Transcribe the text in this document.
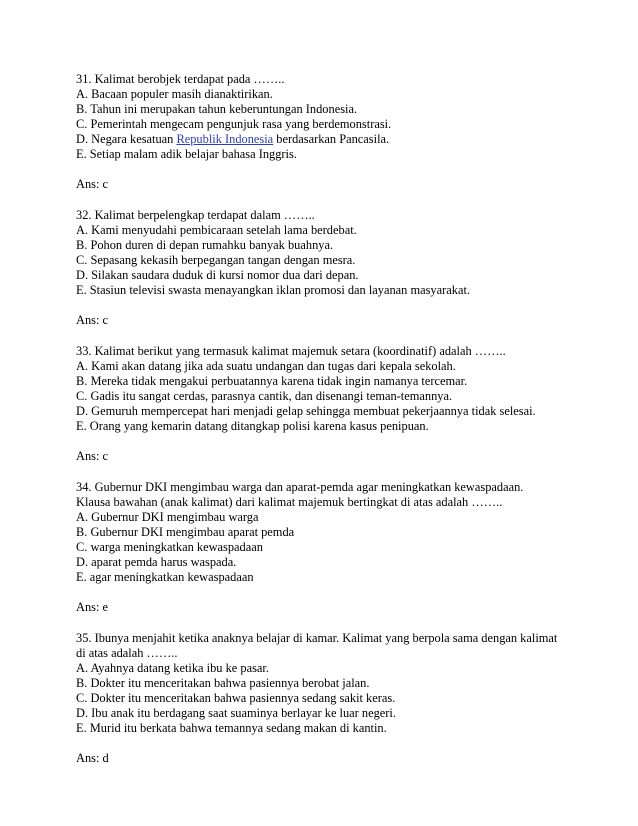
31. Kalimat berobjek terdapat pada ……..
A. Bacaan populer masih dianaktirikan.
B. Tahun ini merupakan tahun keberuntungan Indonesia.
C. Pemerintah mengecam pengunjuk rasa yang berdemonstrasi.
D. Negara kesatuan Republik Indonesia berdasarkan Pancasila.
E. Setiap malam adik belajar bahasa Inggris.
Ans: c
32. Kalimat berpelengkap terdapat dalam ……..
A. Kami menyudahi pembicaraan setelah lama berdebat.
B. Pohon duren di depan rumahku banyak buahnya.
C. Sepasang kekasih berpegangan tangan dengan mesra.
D. Silakan saudara duduk di kursi nomor dua dari depan.
E. Stasiun televisi swasta menayangkan iklan promosi dan layanan masyarakat.
Ans: c
33. Kalimat berikut yang termasuk kalimat majemuk setara (koordinatif) adalah ……..
A. Kami akan datang jika ada suatu undangan dan tugas dari kepala sekolah.
B. Mereka tidak mengakui perbuatannya karena tidak ingin namanya tercemar.
C. Gadis itu sangat cerdas, parasnya cantik, dan disenangi teman-temannya.
D. Gemuruh mempercepat hari menjadi gelap sehingga membuat pekerjaannya tidak selesai.
E. Orang yang kemarin datang ditangkap polisi karena kasus penipuan.
Ans: c
34. Gubernur DKI mengimbau warga dan aparat-pemda agar meningkatkan kewaspadaan.
Klausa bawahan (anak kalimat) dari kalimat majemuk bertingkat di atas adalah ……..
A. Gubernur DKI mengimbau warga
B. Gubernur DKI mengimbau aparat pemda
C. warga meningkatkan kewaspadaan
D. aparat pemda harus waspada.
E. agar meningkatkan kewaspadaan
Ans: e
35. Ibunya menjahit ketika anaknya belajar di kamar. Kalimat yang berpola sama dengan kalimat
di atas adalah ……..
A. Ayahnya datang ketika ibu ke pasar.
B. Dokter itu menceritakan bahwa pasiennya berobat jalan.
C. Dokter itu menceritakan bahwa pasiennya sedang sakit keras.
D. Ibu anak itu berdagang saat suaminya berlayar ke luar negeri.
E. Murid itu berkata bahwa temannya sedang makan di kantin.
Ans: d
